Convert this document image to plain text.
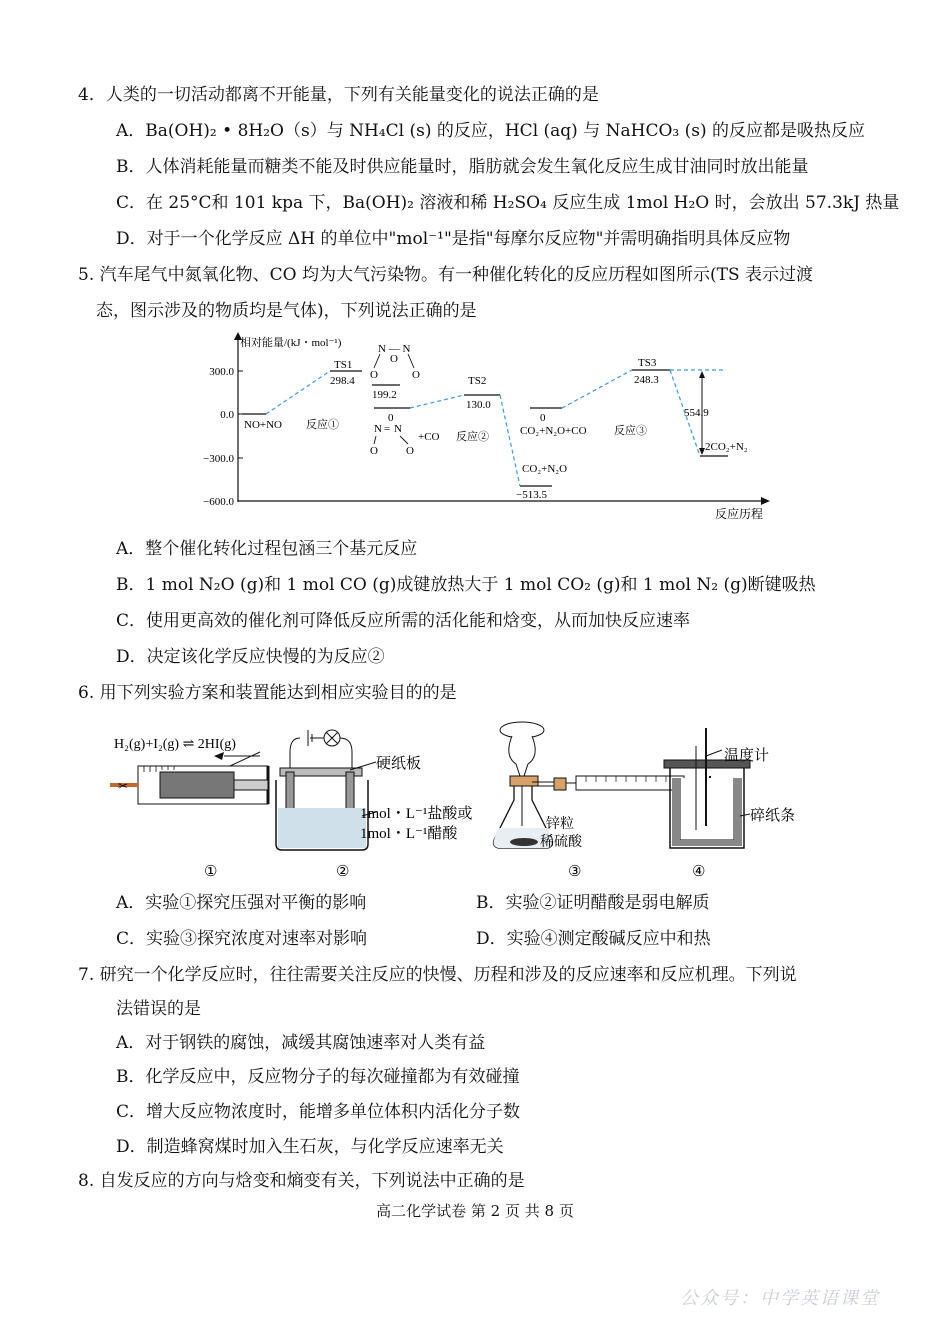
4．人类的一切活动都离不开能量，下列有关能量变化的说法正确的是
A．Ba(OH)₂ • 8H₂O（s）与 NH₄Cl (s) 的反应，HCl (aq) 与 NaHCO₃ (s) 的反应都是吸热反应
B．人体消耗能量而糖类不能及时供应能量时，脂肪就会发生氧化反应生成甘油同时放出能量
C．在 25°C和 101 kpa 下，Ba(OH)₂ 溶液和稀 H₂SO₄ 反应生成 1mol H₂O 时，会放出 57.3kJ 热量
D．对于一个化学反应 ΔH 的单位中"mol⁻¹"是指"每摩尔反应物"并需明确指明具体反应物
5. 汽车尾气中氮氧化物、CO 均为大气污染物。有一种催化转化的反应历程如图所示(TS 表示过渡
态，图示涉及的物质均是气体)，下列说法正确的是
相对能量/(kJ・mol⁻¹)
反应历程
300.0
0.0
−300.0
−600.0
NO+NO 反应①
TS1
298.4
199.2
N — N
O	O
O
0
N = N
O	O
+CO 反应②
TS2
130.0
CO₂+N₂O
−513.5
0
CO₂+N₂O+CO 反应③
TS3
248.3
554.9
2CO₂+N₂
A．整个催化转化过程包涵三个基元反应
B．1 mol N₂O (g)和 1 mol CO (g)成键放热大于 1 mol CO₂ (g)和 1 mol N₂ (g)断键吸热
C．使用更高效的催化剂可降低反应所需的活化能和焓变，从而加快反应速率
D．决定该化学反应快慢的为反应②
6. 用下列实验方案和装置能达到相应实验目的的是
H₂(g)+I₂(g) ⇌ 2HI(g)
✂
①
硬纸板
1mol・L⁻¹盐酸或
1mol・L⁻¹醋酸
②
锌粒
稀硫酸
③
温度计
碎纸条
④
A．实验①探究压强对平衡的影响	B．实验②证明醋酸是弱电解质
C．实验③探究浓度对速率对影响	D．实验④测定酸碱反应中和热
7. 研究一个化学反应时，往往需要关注反应的快慢、历程和涉及的反应速率和反应机理。下列说
法错误的是
A．对于钢铁的腐蚀，减缓其腐蚀速率对人类有益
B．化学反应中，反应物分子的每次碰撞都为有效碰撞
C．增大反应物浓度时，能增多单位体积内活化分子数
D．制造蜂窝煤时加入生石灰，与化学反应速率无关
8. 自发反应的方向与焓变和熵变有关，下列说法中正确的是
高二化学试卷 第 2 页 共 8 页
公众号：中学英语课堂
